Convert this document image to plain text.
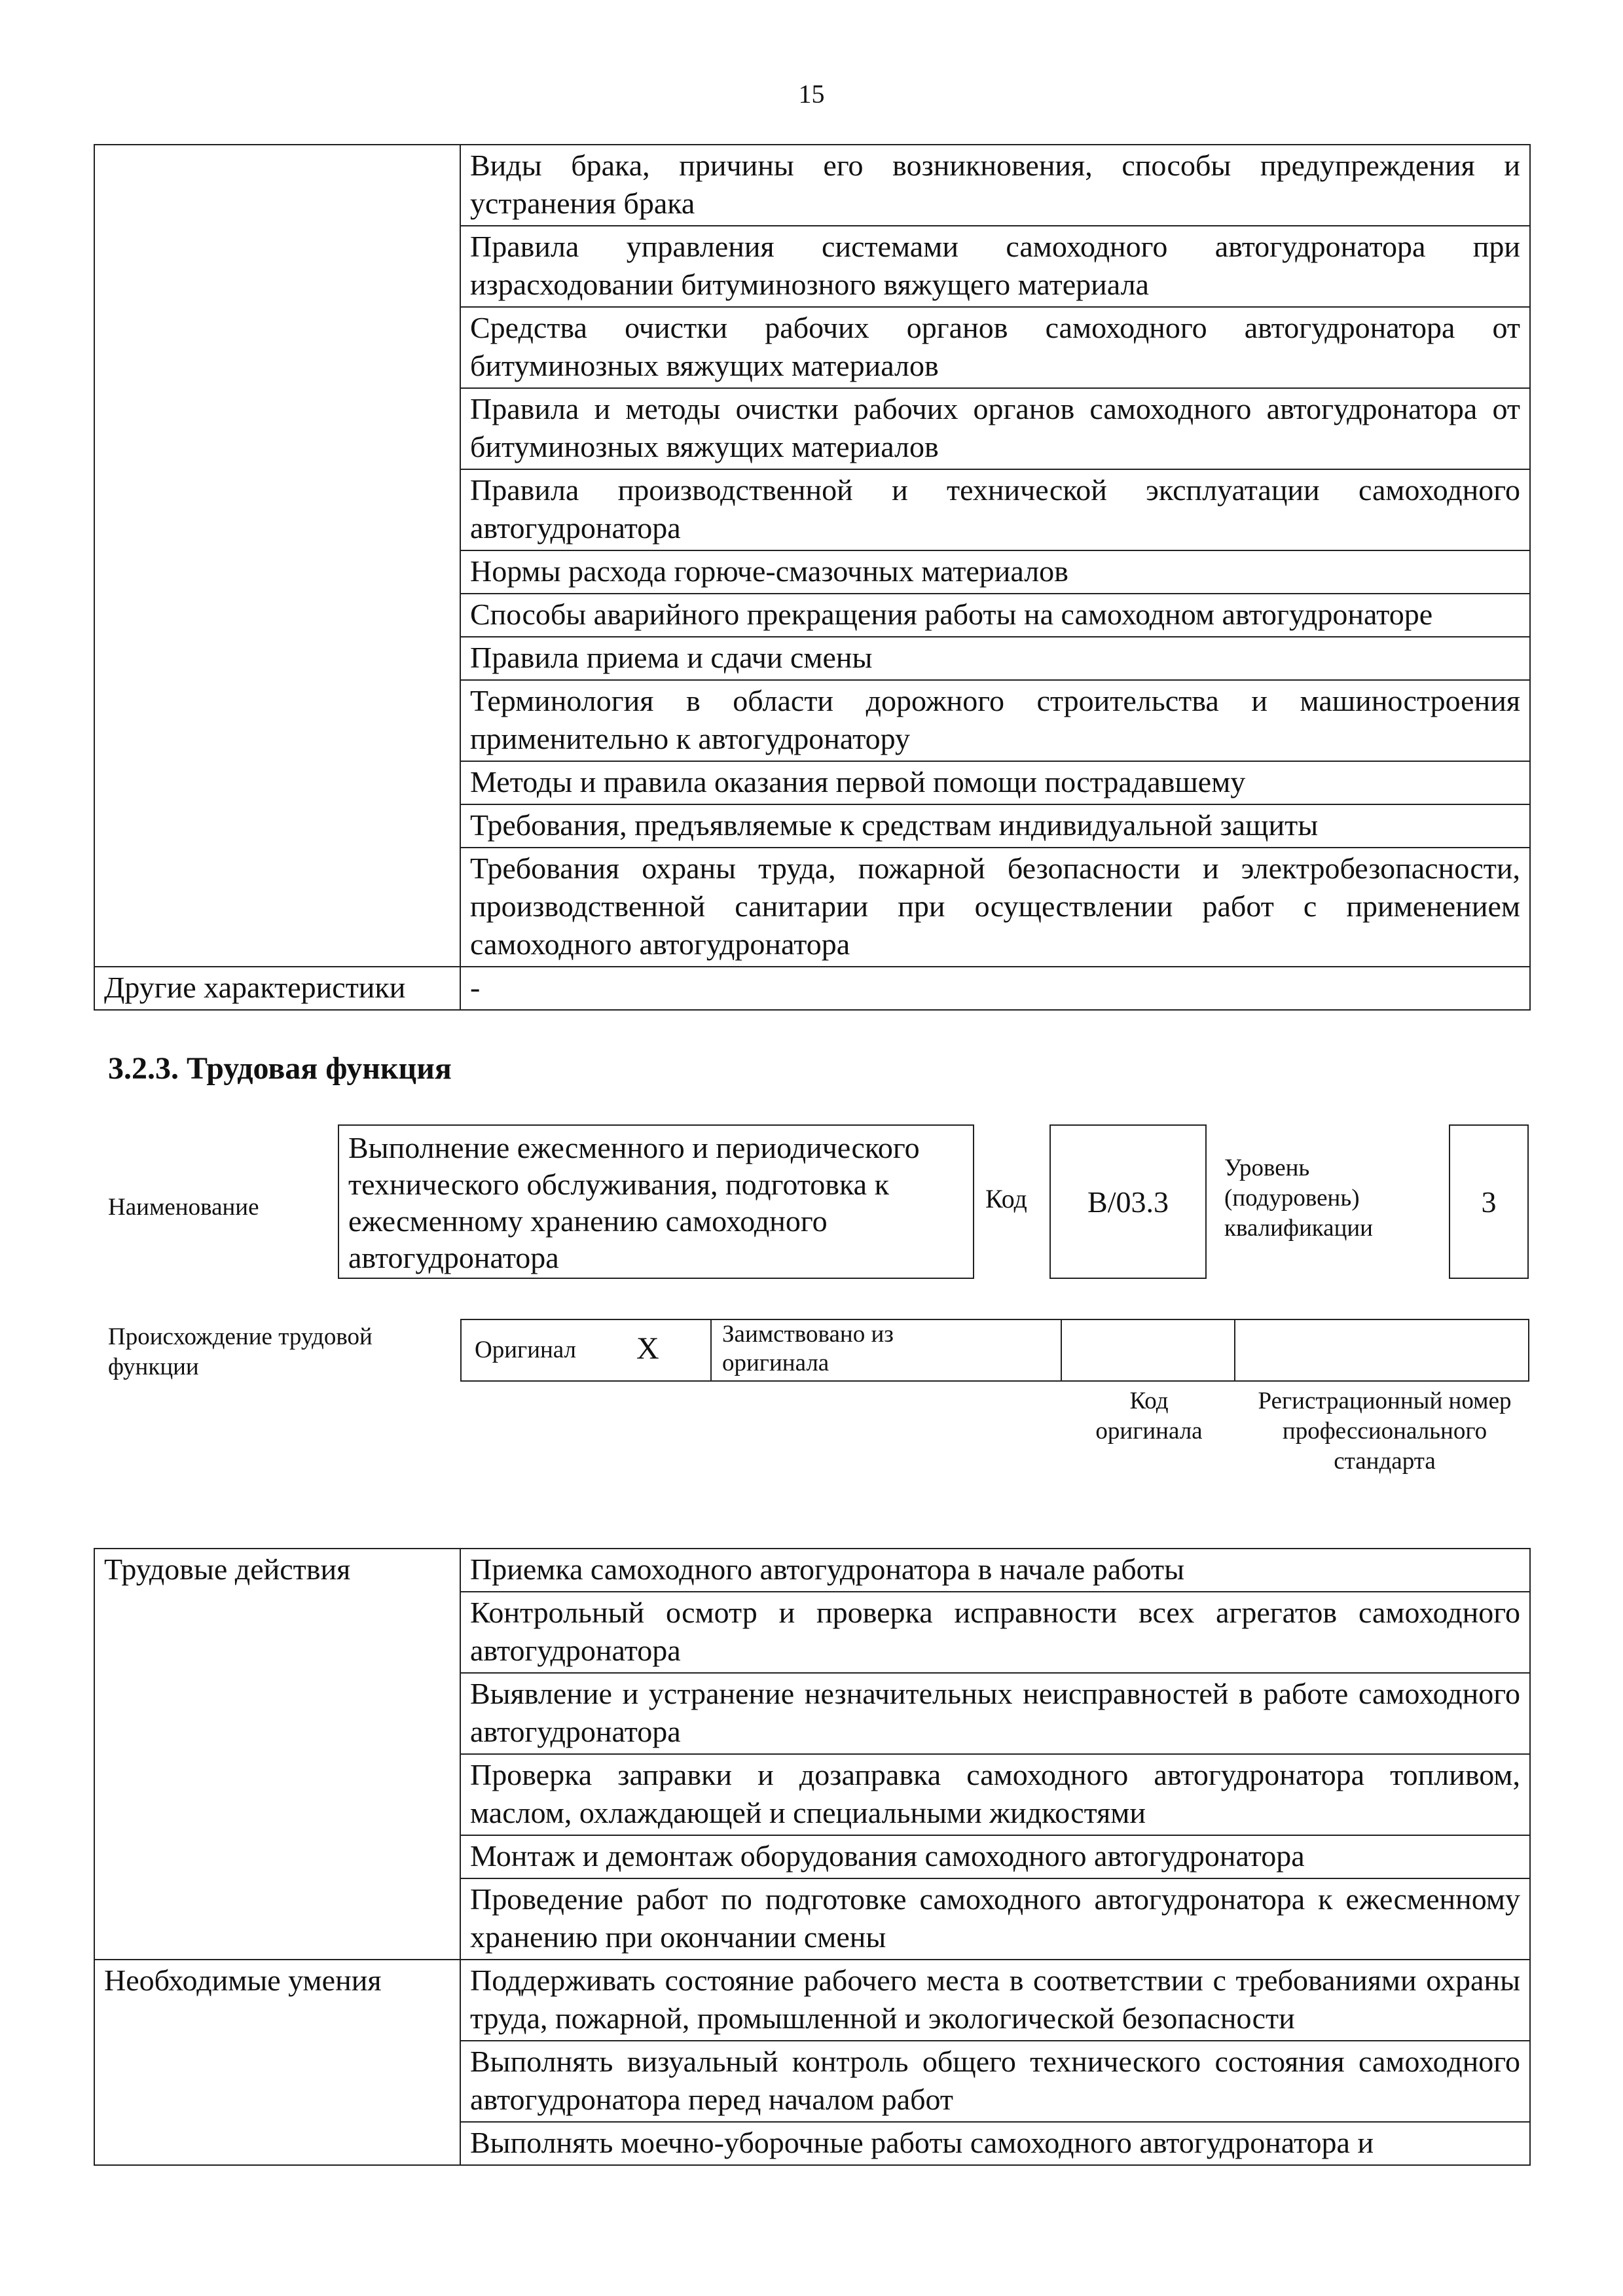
15
	Виды брака, причины его возникновения, способы предупреждения и устранения брака
	Правила управления системами самоходного автогудронатора при израсходовании битуминозного вяжущего материала
	Средства очистки рабочих органов самоходного автогудронатора от битуминозных вяжущих материалов
	Правила и методы очистки рабочих органов самоходного автогудронатора от битуминозных вяжущих материалов
	Правила производственной и технической эксплуатации самоходного автогудронатора
	Нормы расхода горюче-смазочных материалов
	Способы аварийного прекращения работы на самоходном автогудронаторе
	Правила приема и сдачи смены
	Терминология в области дорожного строительства и машиностроения применительно к автогудронатору
	Методы и правила оказания первой помощи пострадавшему
	Требования, предъявляемые к средствам индивидуальной защиты
	Требования охраны труда, пожарной безопасности и электробезопасности, производственной санитарии при осуществлении работ с применением самоходного автогудронатора
Другие характеристики	-
3.2.3. Трудовая функция
Наименование
Выполнение ежесменного и периодического технического обслуживания, подготовка к ежесменному хранению самоходного автогудронатора
Код B/03.3
Уровень (подуровень) квалификации
3
Происхождение трудовой функции
Оригинал X	Заимствовано из оригинала
Код оригинала
Регистрационный номер профессионального стандарта
Трудовые действия	Приемка самоходного автогудронатора в начале работы
	Контрольный осмотр и проверка исправности всех агрегатов самоходного автогудронатора
	Выявление и устранение незначительных неисправностей в работе самоходного автогудронатора
	Проверка заправки и дозаправка самоходного автогудронатора топливом, маслом, охлаждающей и специальными жидкостями
	Монтаж и демонтаж оборудования самоходного автогудронатора
	Проведение работ по подготовке самоходного автогудронатора к ежесменному хранению при окончании смены
Необходимые умения	Поддерживать состояние рабочего места в соответствии с требованиями охраны труда, пожарной, промышленной и экологической безопасности
	Выполнять визуальный контроль общего технического состояния самоходного автогудронатора перед началом работ
	Выполнять моечно-уборочные работы самоходного автогудронатора и
